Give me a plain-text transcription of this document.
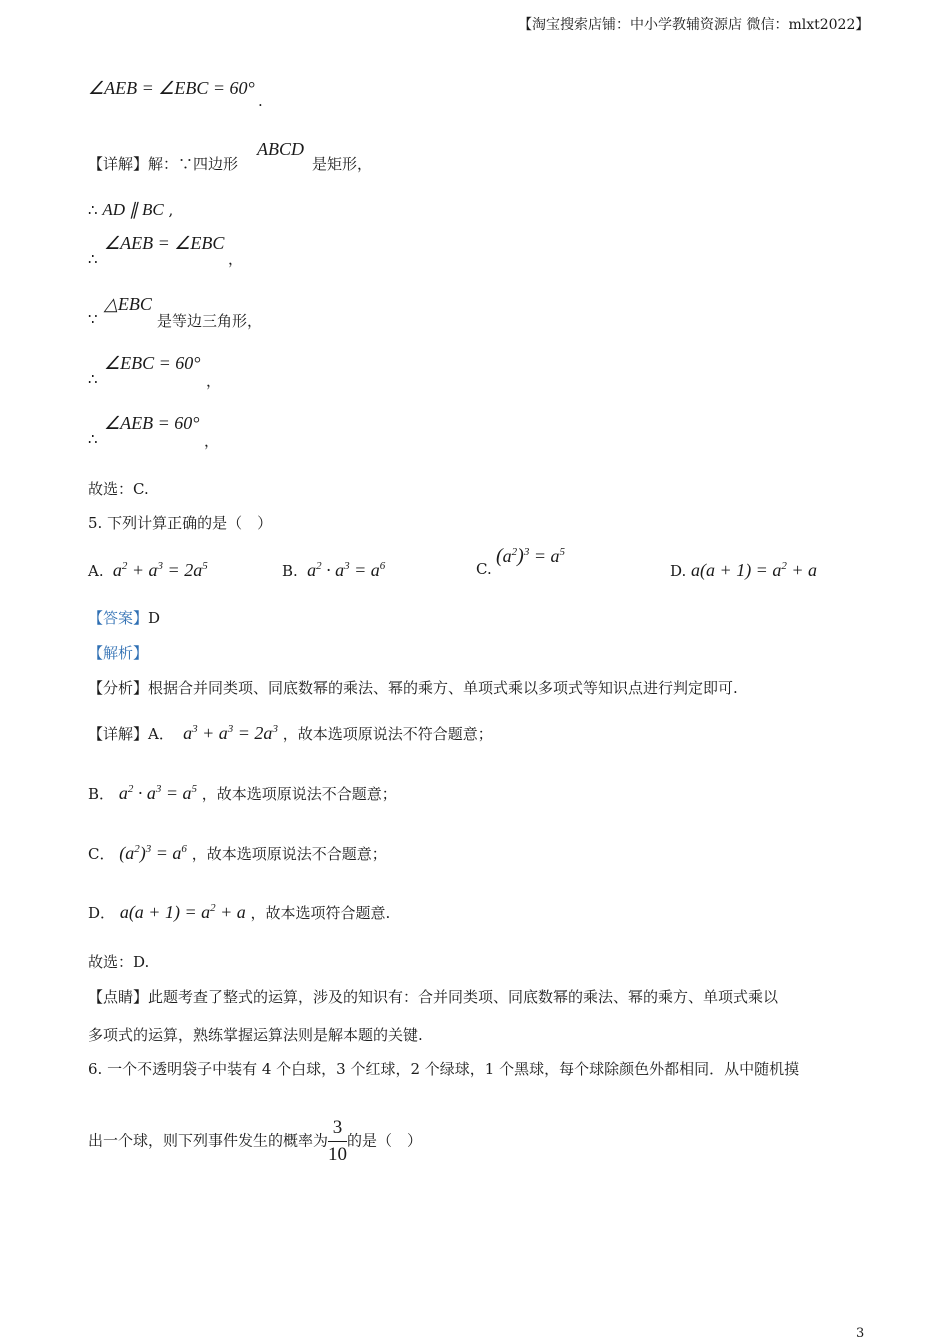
【淘宝搜索店铺：中小学教辅资源店 微信：mlxt2022】
∠AEB = ∠EBC = 60°
.
【详解】解：∵四边形
ABCD
是矩形，
∴ AD ∥ BC ,
∴
∠AEB = ∠EBC
，
∵
△EBC
是等边三角形，
∴
∠EBC = 60°
，
∴
∠AEB = 60°
，
故选：C.
5. 下列计算正确的是（　）
A.  $a^2 + a^3 = 2a^5$	B.  $a^2 \cdot a^3 = a^6$	C.
$(a^2)^3 = a^5$
D. $a(a + 1) = a^2 + a$
【答案】D
【解析】
【分析】根据合并同类项、同底数幂的乘法、幂的乘方、单项式乘以多项式等知识点进行判定即可.
【详解】A．  $a^3 + a^3 = 2a^3$ ，故本选项原说法不符合题意；
B． $a^2 \cdot a^3 = a^5$ ，故本选项原说法不合题意；
C． $(a^2)^3 = a^6$ ，故本选项原说法不合题意；
D． $a(a + 1) = a^2 + a$ ，故本选项符合题意.
故选：D.
【点睛】此题考查了整式的运算，涉及的知识有：合并同类项、同底数幂的乘法、幂的乘方、单项式乘以
多项式的运算，熟练掌握运算法则是解本题的关键.
6. 一个不透明袋子中装有 4 个白球，3 个红球，2 个绿球，1 个黑球，每个球除颜色外都相同．从中随机摸
出一个球，则下列事件发生的概率为 $\frac{3}{10}$ 的是（　）
3
